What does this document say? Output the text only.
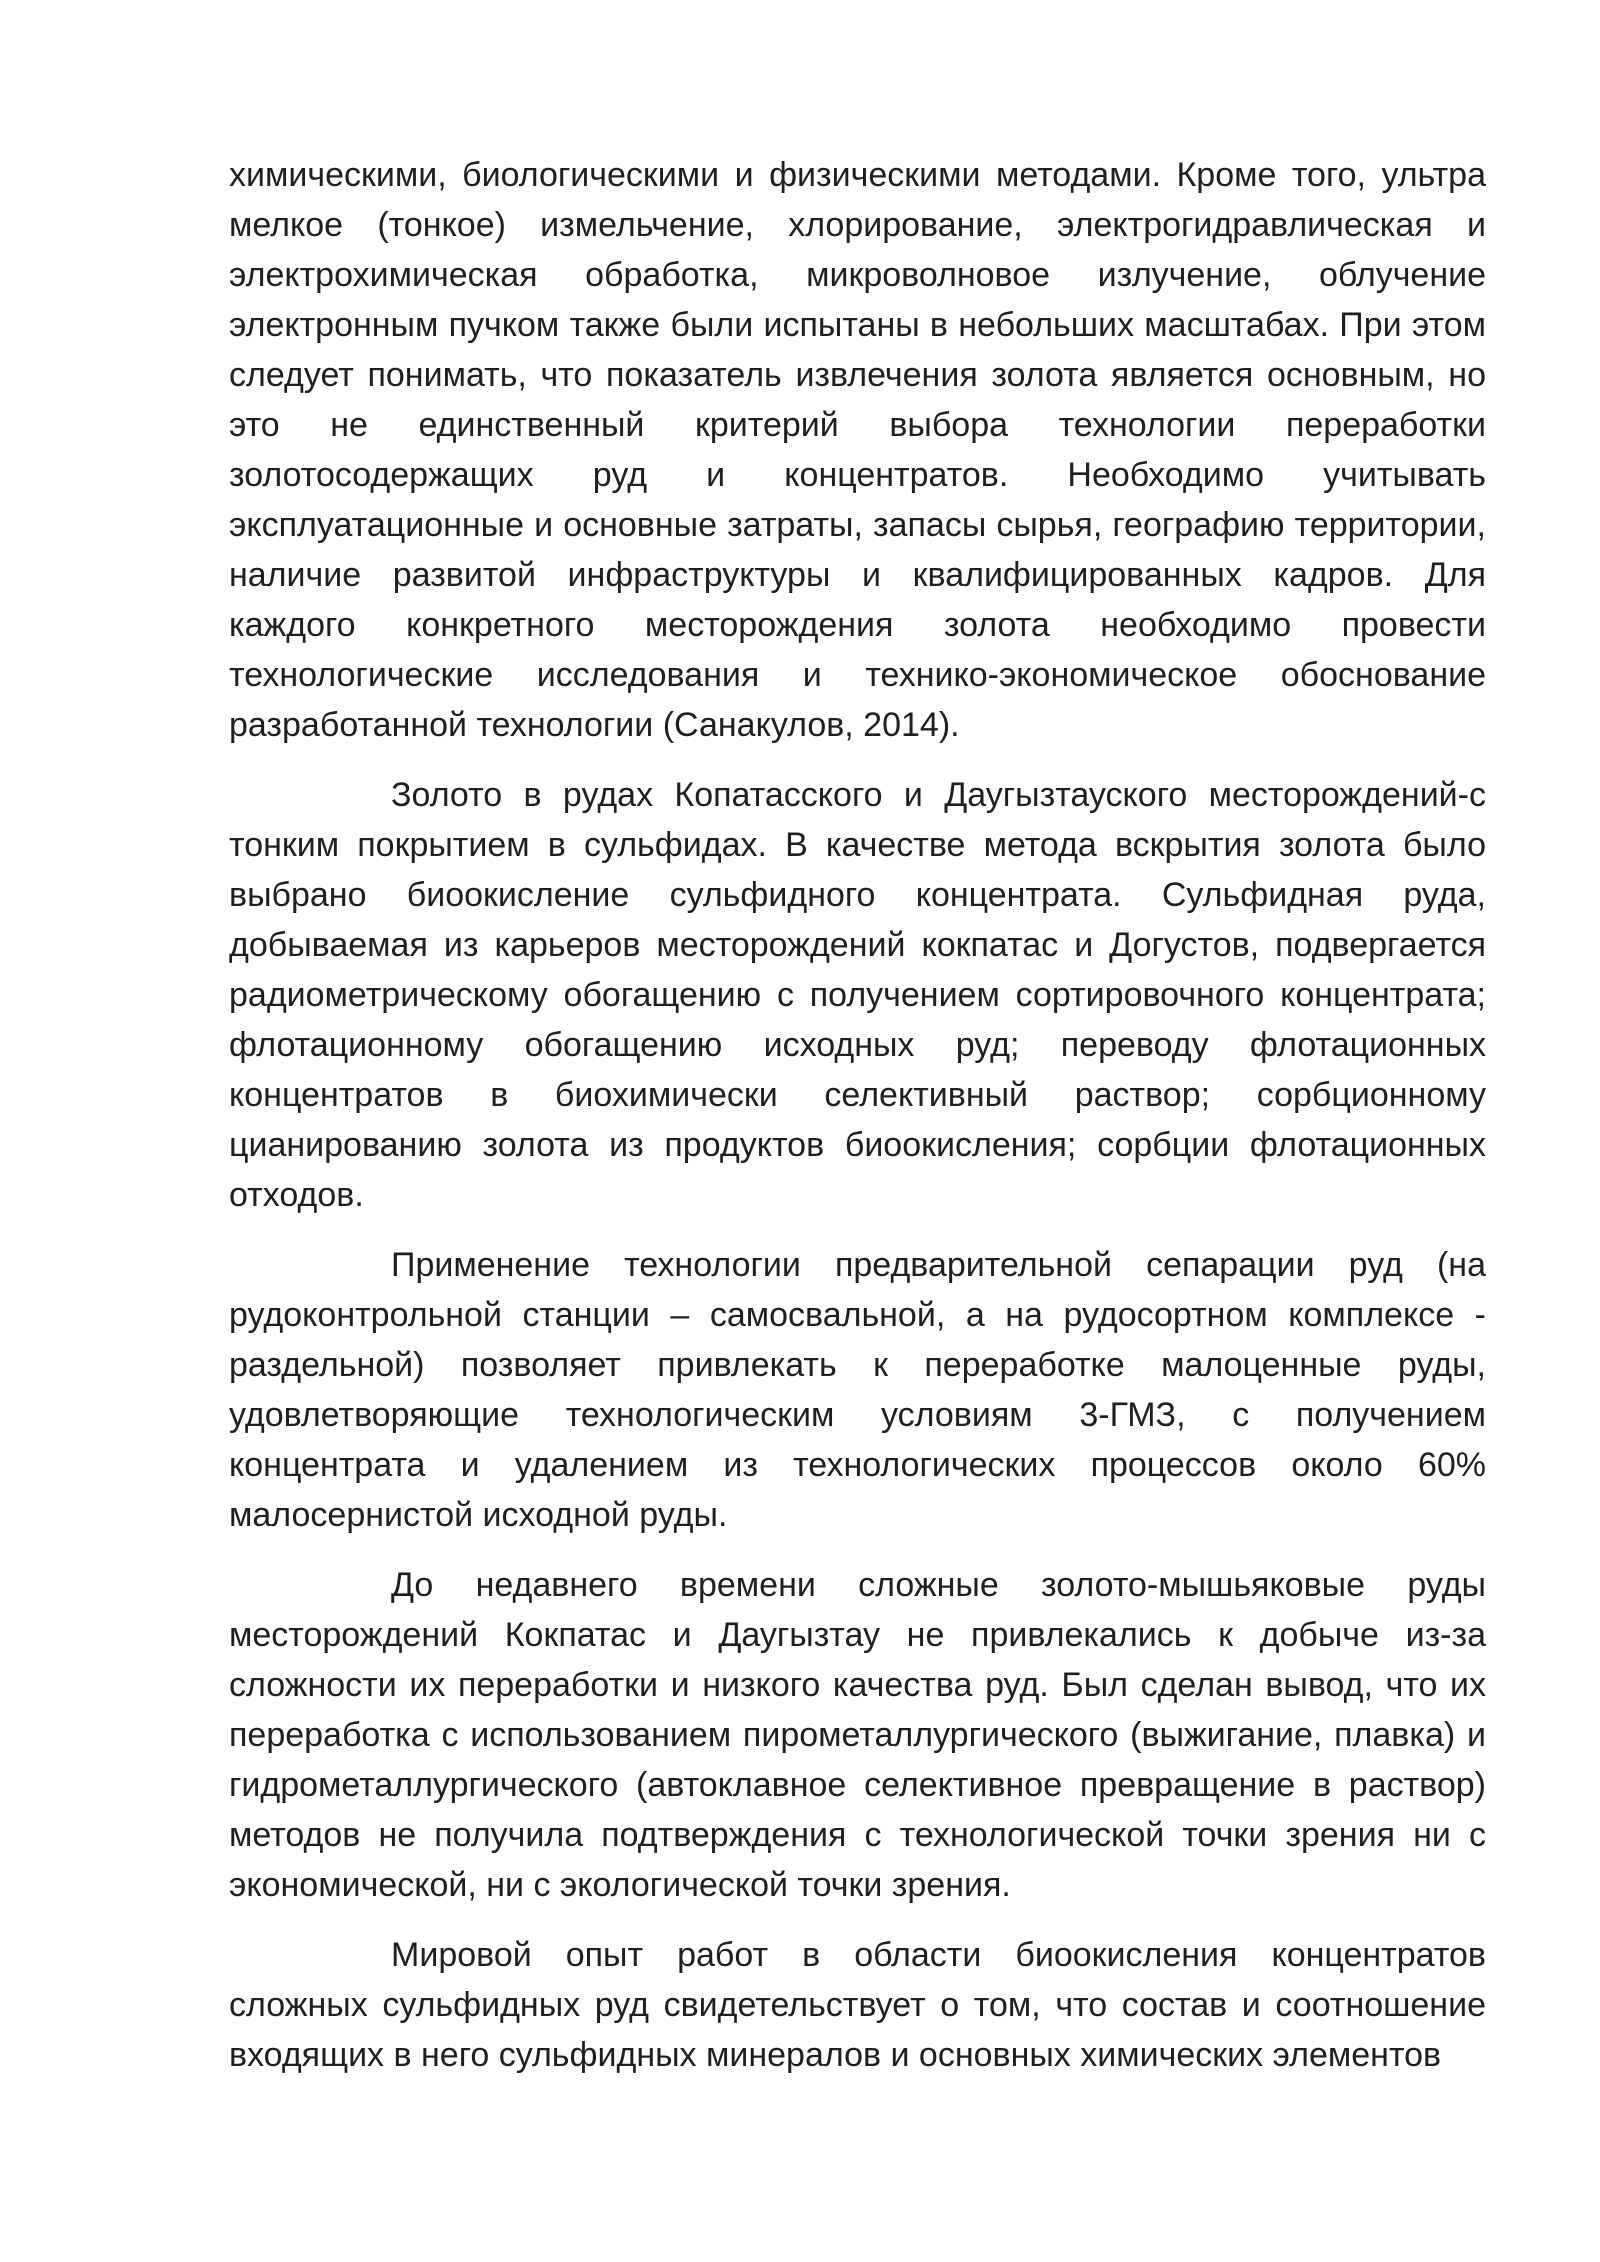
химическими, биологическими и физическими методами. Кроме того, ультра мелкое (тонкое) измельчение, хлорирование, электрогидравлическая и электрохимическая обработка, микроволновое излучение, облучение электронным пучком также были испытаны в небольших масштабах. При этом следует понимать, что показатель извлечения золота является основным, но это не единственный критерий выбора технологии переработки золотосодержащих руд и концентратов. Необходимо учитывать эксплуатационные и основные затраты, запасы сырья, географию территории, наличие развитой инфраструктуры и квалифицированных кадров. Для каждого конкретного месторождения золота необходимо провести технологические исследования и технико-экономическое обоснование разработанной технологии (Санакулов, 2014).

Золото в рудах Копатасского и Даугызтауского месторождений-с тонким покрытием в сульфидах. В качестве метода вскрытия золота было выбрано биоокисление сульфидного концентрата. Сульфидная руда, добываемая из карьеров месторождений кокпатас и Догустов, подвергается радиометрическому обогащению с получением сортировочного концентрата; флотационному обогащению исходных руд; переводу флотационных концентратов в биохимически селективный раствор; сорбционному цианированию золота из продуктов биоокисления; сорбции флотационных отходов.

Применение технологии предварительной сепарации руд (на рудоконтрольной станции – самосвальной, а на рудосортном комплексе - раздельной) позволяет привлекать к переработке малоценные руды, удовлетворяющие технологическим условиям 3-ГМЗ, с получением концентрата и удалением из технологических процессов около 60% малосернистой исходной руды.

До недавнего времени сложные золото-мышьяковые руды месторождений Кокпатас и Даугызтау не привлекались к добыче из-за сложности их переработки и низкого качества руд. Был сделан вывод, что их переработка с использованием пирометаллургического (выжигание, плавка) и гидрометаллургического (автоклавное селективное превращение в раствор) методов не получила подтверждения с технологической точки зрения ни с экономической, ни с экологической точки зрения.

Мировой опыт работ в области биоокисления концентратов сложных сульфидных руд свидетельствует о том, что состав и соотношение входящих в него сульфидных минералов и основных химических элементов
